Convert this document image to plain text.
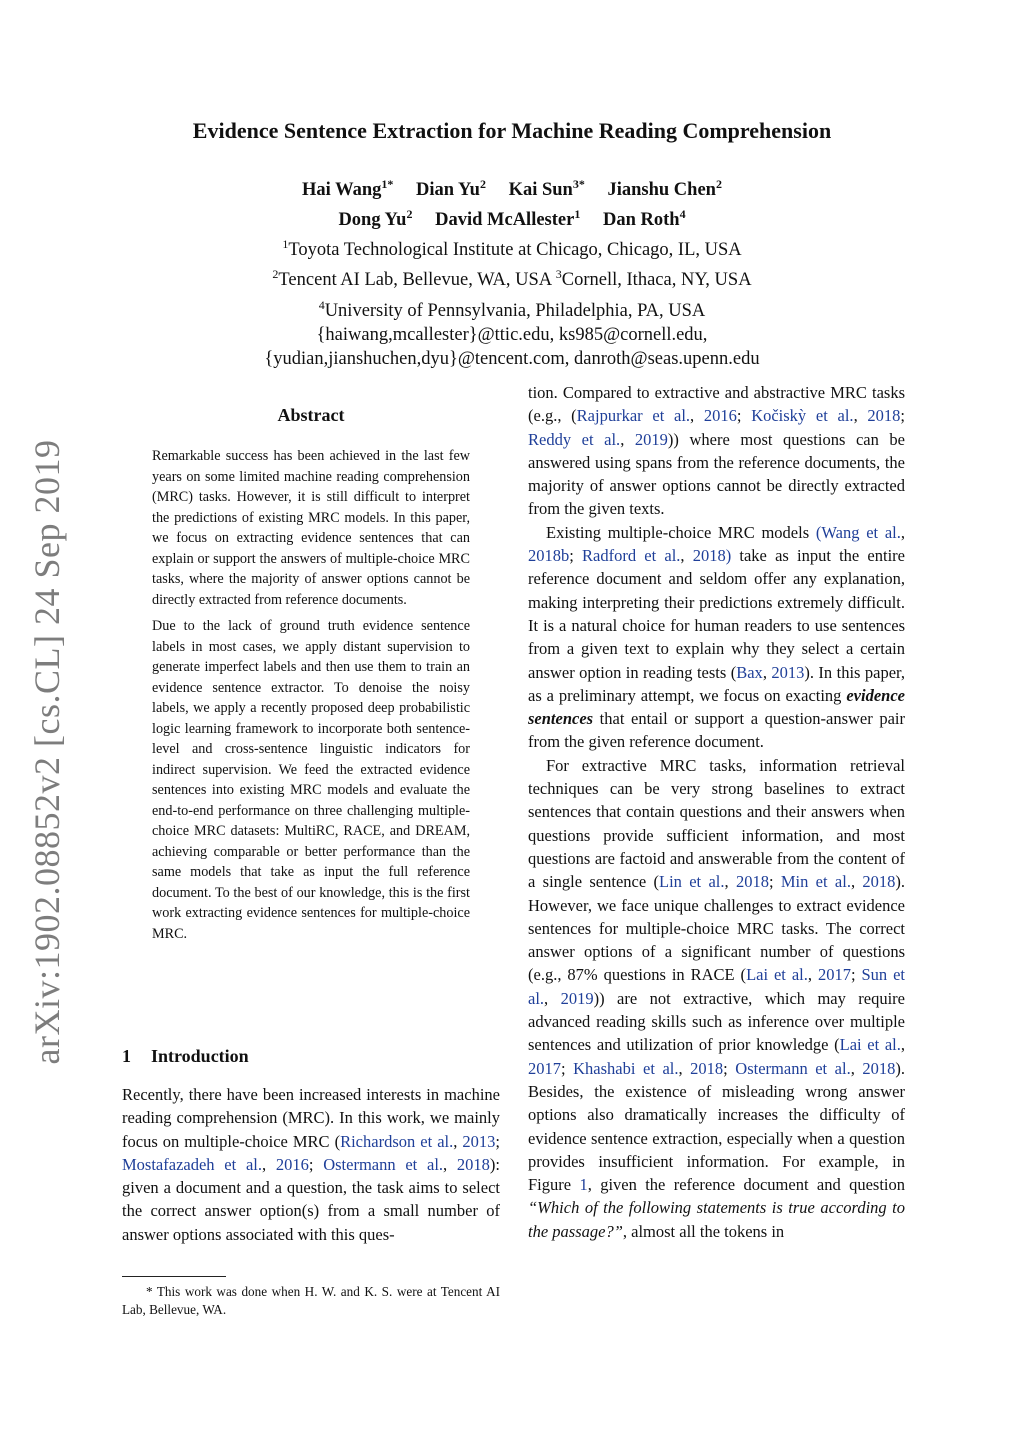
arXiv:1902.08852v2 [cs.CL] 24 Sep 2019
Evidence Sentence Extraction for Machine Reading Comprehension
Hai Wang$^{1*}$ Dian Yu$^2$ Kai Sun$^{3*}$ Jianshu Chen$^2$
Dong Yu$^2$ David McAllester$^1$ Dan Roth$^4$
$^1$Toyota Technological Institute at Chicago, Chicago, IL, USA
$^2$Tencent AI Lab, Bellevue, WA, USA $^3$Cornell, Ithaca, NY, USA
$^4$University of Pennsylvania, Philadelphia, PA, USA
{haiwang,mcallester}@ttic.edu, ks985@cornell.edu,
{yudian,jianshuchen,dyu}@tencent.com, danroth@seas.upenn.edu
Abstract

Remarkable success has been achieved in the last few years on some limited machine reading comprehension (MRC) tasks. However, it is still difficult to interpret the predictions of existing MRC models. In this paper, we focus on extracting evidence sentences that can explain or support the answers of multiple-choice MRC tasks, where the majority of answer options cannot be directly extracted from reference documents.

Due to the lack of ground truth evidence sentence labels in most cases, we apply distant supervision to generate imperfect labels and then use them to train an evidence sentence extractor. To denoise the noisy labels, we apply a recently proposed deep probabilistic logic learning framework to incorporate both sentence-level and cross-sentence linguistic indicators for indirect supervision. We feed the extracted evidence sentences into existing MRC models and evaluate the end-to-end performance on three challenging multiple-choice MRC datasets: MultiRC, RACE, and DREAM, achieving comparable or better performance than the same models that take as input the full reference document. To the best of our knowledge, this is the first work extracting evidence sentences for multiple-choice MRC.

1 Introduction
Recently, there have been increased interests in machine reading comprehension (MRC). In this work, we mainly focus on multiple-choice MRC (Richardson et al., 2013; Mostafazadeh et al., 2016; Ostermann et al., 2018): given a document and a question, the task aims to select the correct answer option(s) from a small number of answer options associated with this ques-
* This work was done when H. W. and K. S. were at Tencent AI Lab, Bellevue, WA.

tion. Compared to extractive and abstractive MRC tasks (e.g., (Rajpurkar et al., 2016; Kočiskỳ et al., 2018; Reddy et al., 2019)) where most questions can be answered using spans from the reference documents, the majority of answer options cannot be directly extracted from the given texts.

Existing multiple-choice MRC models (Wang et al., 2018b; Radford et al., 2018) take as input the entire reference document and seldom offer any explanation, making interpreting their predictions extremely difficult. It is a natural choice for human readers to use sentences from a given text to explain why they select a certain answer option in reading tests (Bax, 2013). In this paper, as a preliminary attempt, we focus on exacting evidence sentences that entail or support a question-answer pair from the given reference document.

For extractive MRC tasks, information retrieval techniques can be very strong baselines to extract sentences that contain questions and their answers when questions provide sufficient information, and most questions are factoid and answerable from the content of a single sentence (Lin et al., 2018; Min et al., 2018). However, we face unique challenges to extract evidence sentences for multiple-choice MRC tasks. The correct answer options of a significant number of questions (e.g., 87% questions in RACE (Lai et al., 2017; Sun et al., 2019)) are not extractive, which may require advanced reading skills such as inference over multiple sentences and utilization of prior knowledge (Lai et al., 2017; Khashabi et al., 2018; Ostermann et al., 2018). Besides, the existence of misleading wrong answer options also dramatically increases the difficulty of evidence sentence extraction, especially when a question provides insufficient information. For example, in Figure 1, given the reference document and question “Which of the following statements is true according to the passage?”, almost all the tokens in
